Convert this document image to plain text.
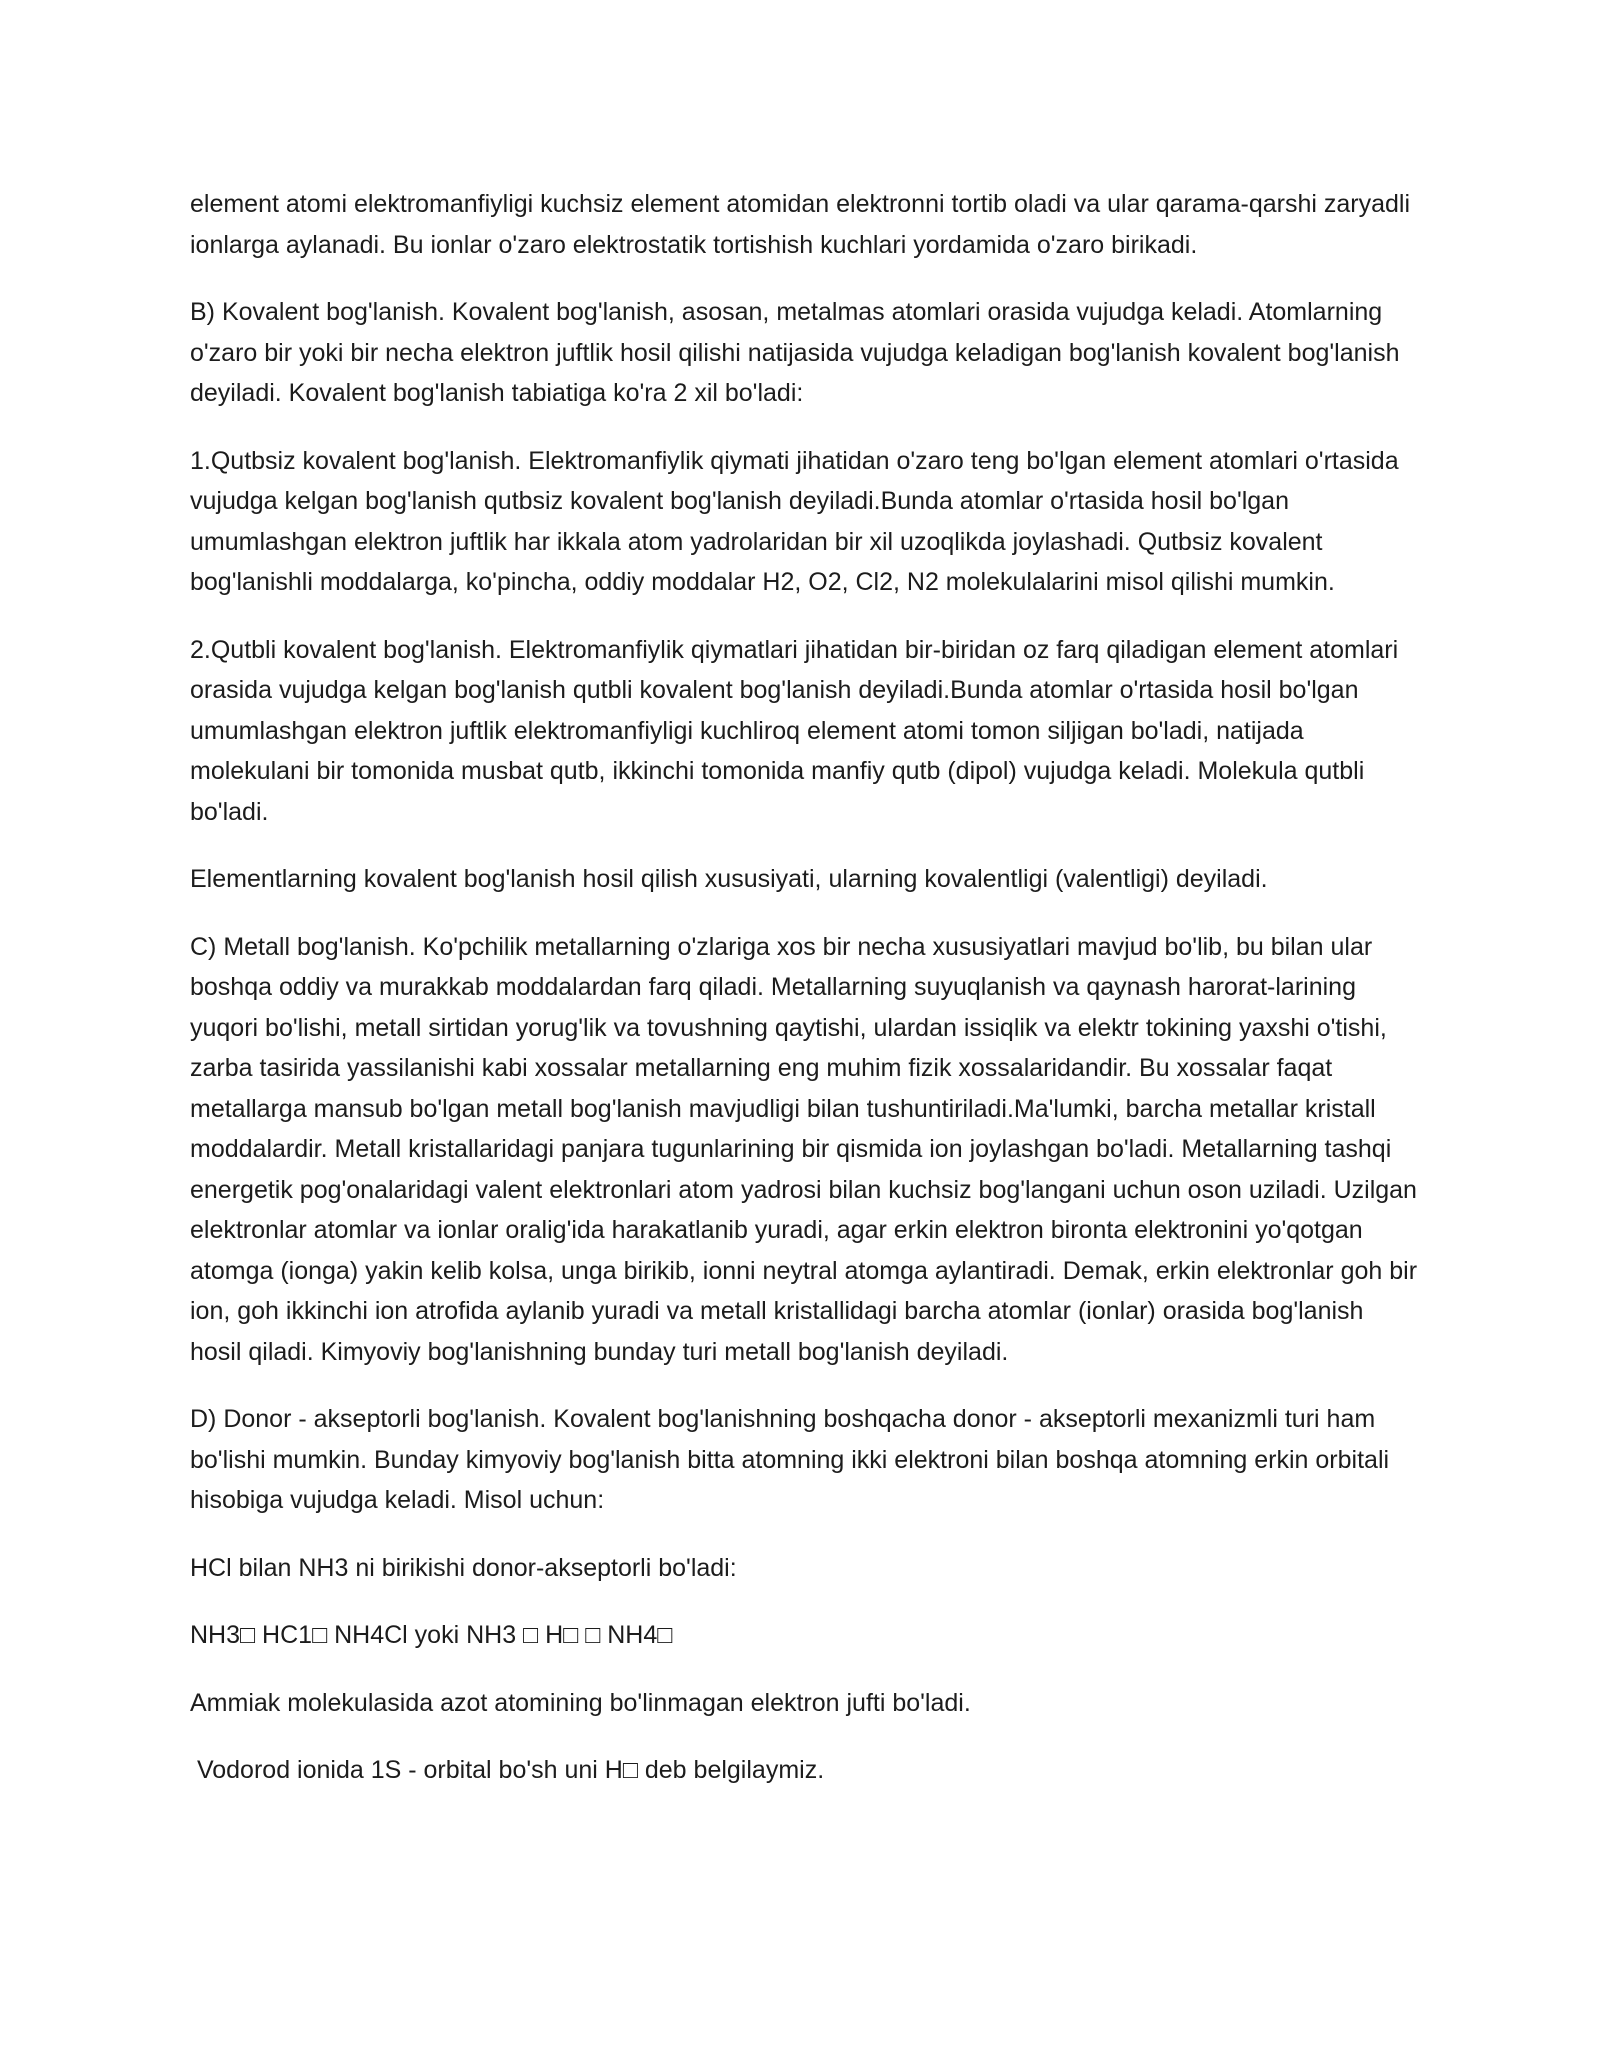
element atomi elektromanfiyligi kuchsiz element atomidan elektronni tortib oladi va ular qarama-qarshi zaryadli ionlarga aylanadi. Bu ionlar o'zaro elektrostatik tortishish kuchlari yordamida o'zaro birikadi.

B) Kovalent bog'lanish. Kovalent bog'lanish, asosan, metalmas atomlari orasida vujudga keladi. Atomlarning o'zaro bir yoki bir necha elektron juftlik hosil qilishi natijasida vujudga keladigan bog'lanish kovalent bog'lanish deyiladi. Kovalent bog'lanish tabiatiga ko'ra 2 xil bo'ladi:

1.Qutbsiz kovalent bog'lanish. Elektromanfiylik qiymati jihatidan o'zaro teng bo'lgan element atomlari o'rtasida vujudga kelgan bog'lanish qutbsiz kovalent bog'lanish deyiladi.Bunda atomlar o'rtasida hosil bo'lgan umumlashgan elektron juftlik har ikkala atom yadrolaridan bir xil uzoqlikda joylashadi. Qutbsiz kovalent bog'lanishli moddalarga, ko'pincha, oddiy moddalar H2, O2, Cl2, N2 molekulalarini misol qilishi mumkin.

2.Qutbli kovalent bog'lanish. Elektromanfiylik qiymatlari jihatidan bir-biridan oz farq qiladigan element atomlari orasida vujudga kelgan bog'lanish qutbli kovalent bog'lanish deyiladi.Bunda atomlar o'rtasida hosil bo'lgan umumlashgan elektron juftlik elektromanfiyligi kuchliroq element atomi tomon siljigan bo'ladi, natijada molekulani bir tomonida musbat qutb, ikkinchi tomonida manfiy qutb (dipol) vujudga keladi. Molekula qutbli bo'ladi.

Elementlarning kovalent bog'lanish hosil qilish xususiyati, ularning kovalentligi (valentligi) deyiladi.

C) Metall bog'lanish. Ko'pchilik metallarning o'zlariga xos bir necha xususiyatlari mavjud bo'lib, bu bilan ular boshqa oddiy va murakkab moddalardan farq qiladi. Metallarning suyuqlanish va qaynash harorat-larining yuqori bo'lishi, metall sirtidan yorug'lik va tovushning qaytishi, ulardan issiqlik va elektr tokining yaxshi o'tishi, zarba tasirida yassilanishi kabi xossalar metallarning eng muhim fizik xossalaridandir. Bu xossalar faqat metallarga mansub bo'lgan metall bog'lanish mavjudligi bilan tushuntiriladi.Ma'lumki, barcha metallar kristall moddalardir. Metall kristallaridagi panjara tugunlarining bir qismida ion joylashgan bo'ladi. Metallarning tashqi energetik pog'onalaridagi valent elektronlari atom yadrosi bilan kuchsiz bog'langani uchun oson uziladi. Uzilgan elektronlar atomlar va ionlar oralig'ida harakatlanib yuradi, agar erkin elektron bironta elektronini yo'qotgan atomga (ionga) yakin kelib kolsa, unga birikib, ionni neytral atomga aylantiradi. Demak, erkin elektronlar goh bir ion, goh ikkinchi ion atrofida aylanib yuradi va metall kristallidagi barcha atomlar (ionlar) orasida bog'lanish hosil qiladi. Kimyoviy bog'lanishning bunday turi metall bog'lanish deyiladi.

D) Donor - akseptorli bog'lanish. Kovalent bog'lanishning boshqacha donor - akseptorli mexanizmli turi ham bo'lishi mumkin. Bunday kimyoviy bog'lanish bitta atomning ikki elektroni bilan boshqa atomning erkin orbitali hisobiga vujudga keladi. Misol uchun:

HCl bilan NH3 ni birikishi donor-akseptorli bo'ladi:

NH3□ HC1□ NH4Cl yoki NH3 □ H□ □ NH4□

Ammiak molekulasida azot atomining bo'linmagan elektron jufti bo'ladi.

Vodorod ionida 1S - orbital bo'sh uni H□ deb belgilaymiz.
